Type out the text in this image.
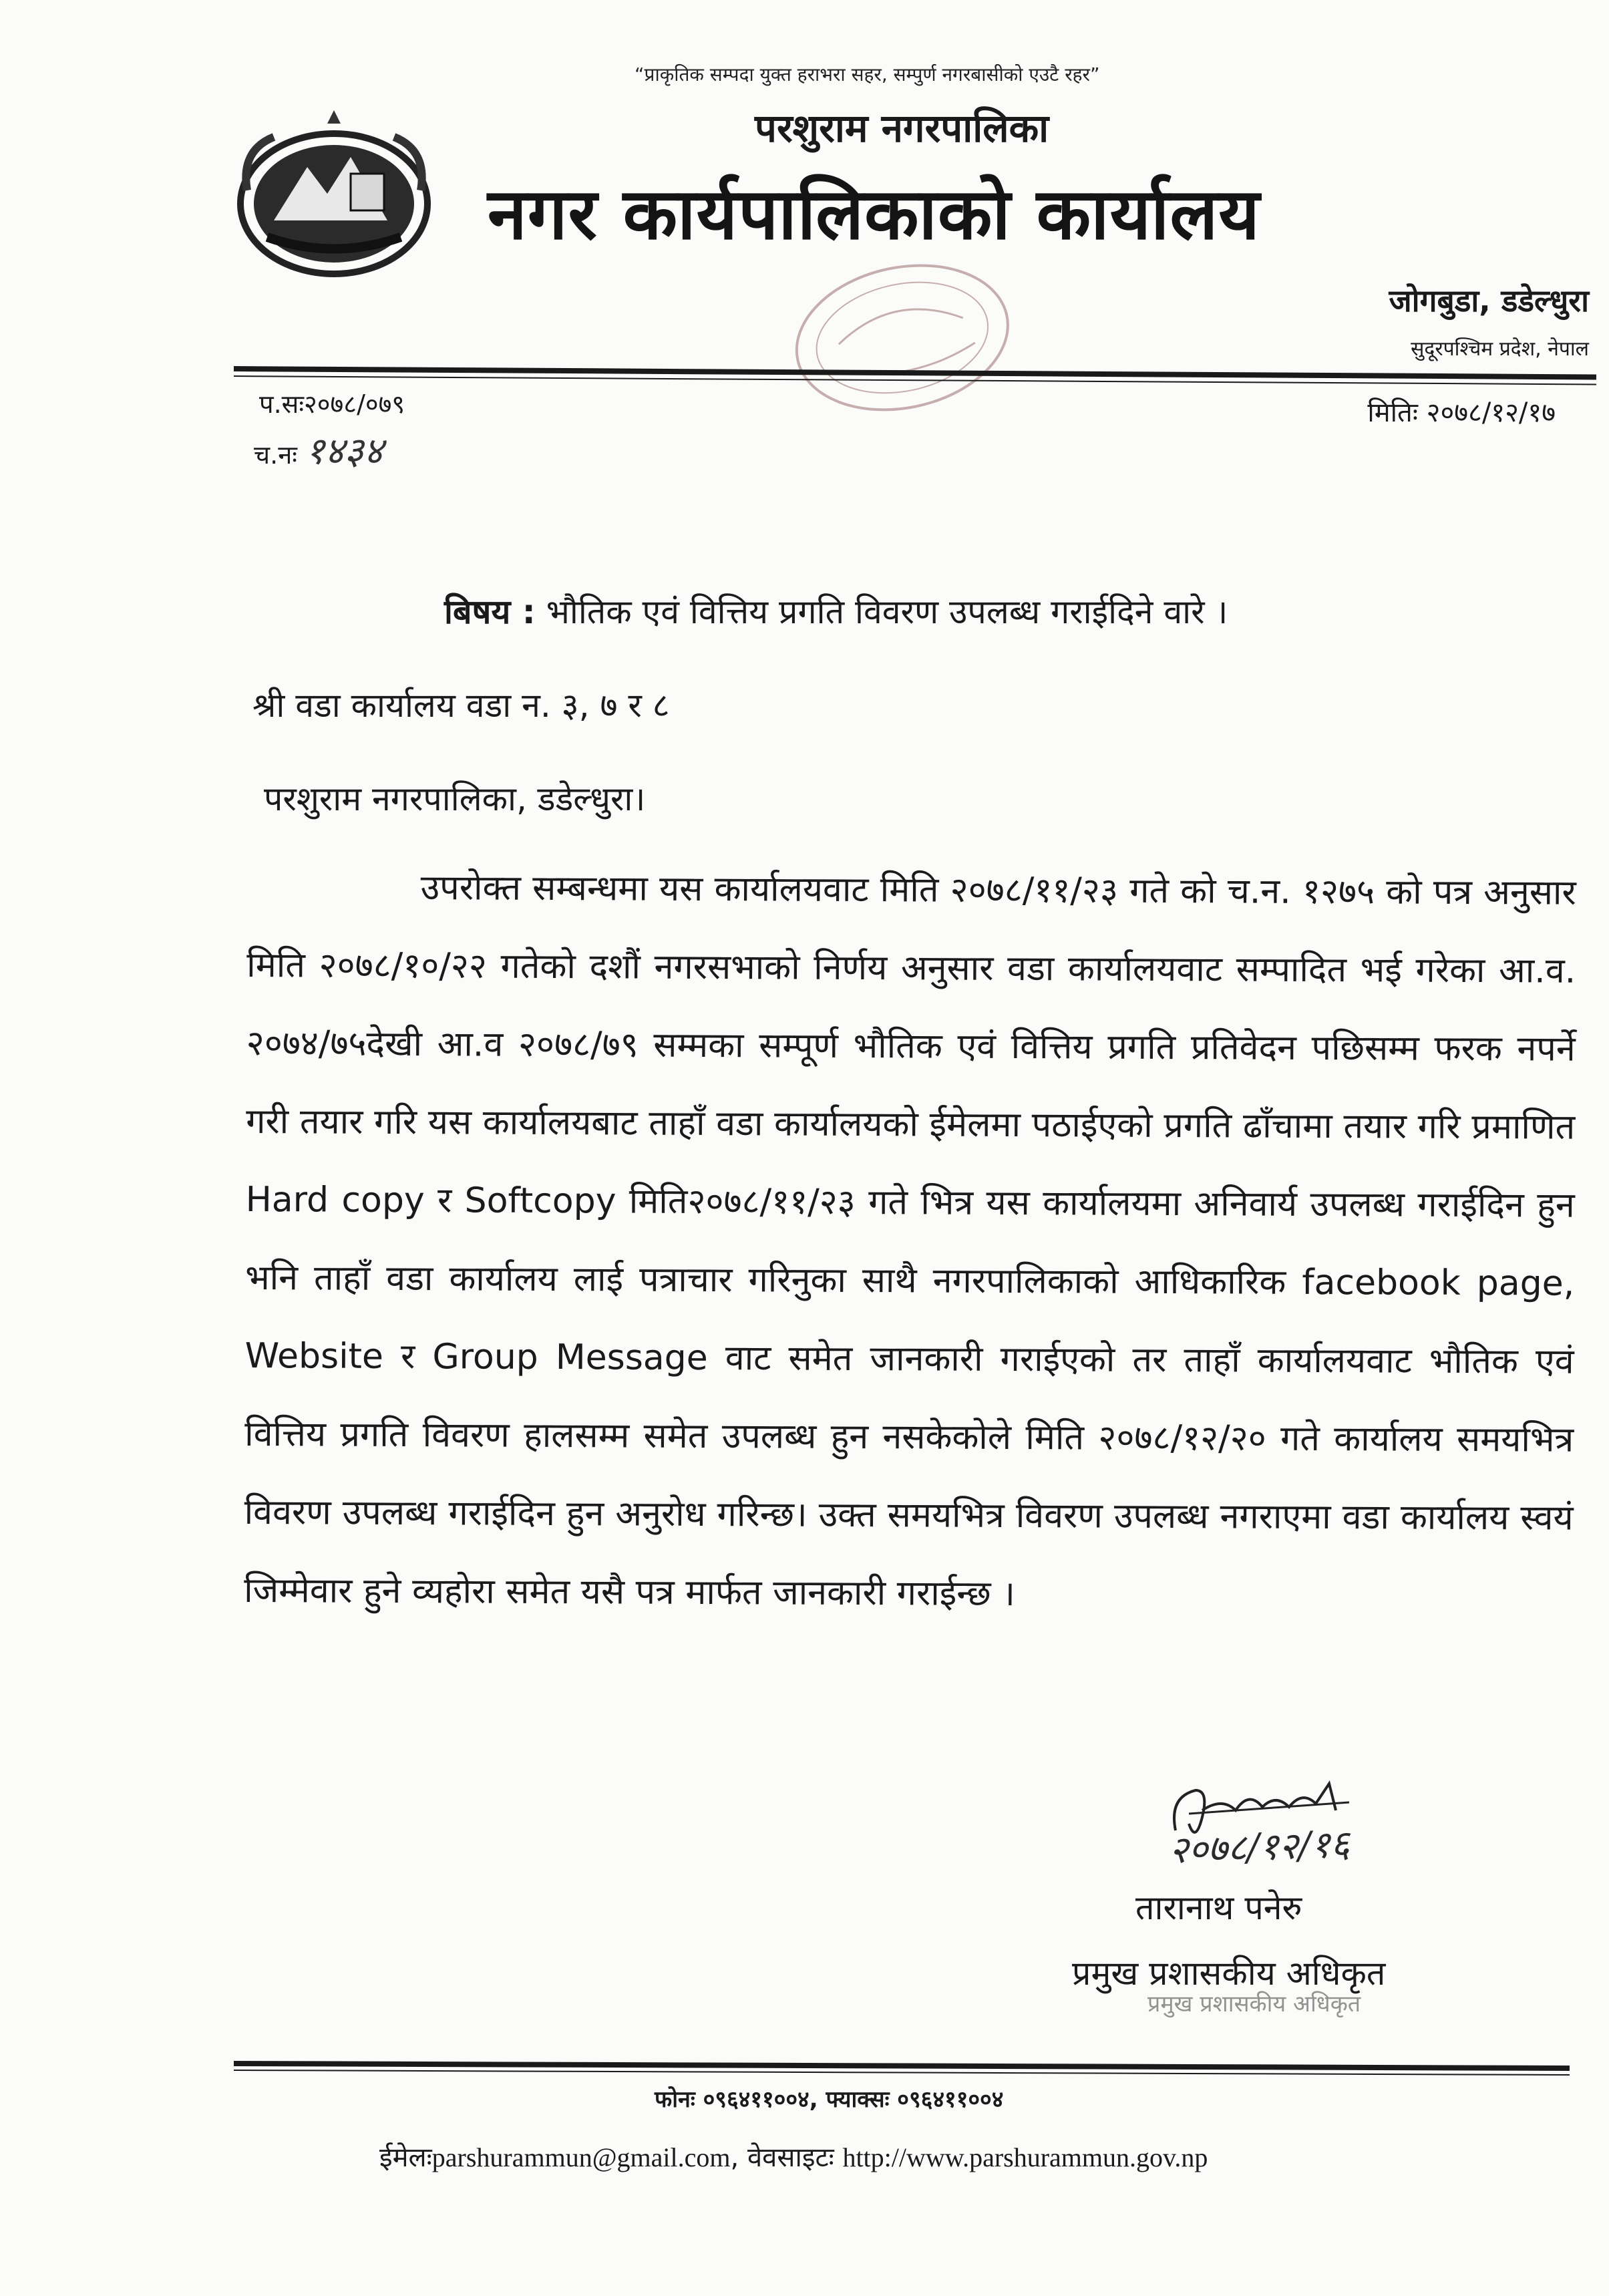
“प्राकृतिक सम्पदा युक्त हराभरा सहर, सम्पुर्ण नगरबासीको एउटै रहर”
परशुराम नगरपालिका
नगर कार्यपालिकाको कार्यालय
जोगबुडा, डडेल्धुरा
सुदूरपश्चिम प्रदेश, नेपाल
प.सः२०७८/०७९
च.नः १४३४
मितिः २०७८/१२/१७
बिषय : भौतिक एवं वित्तिय प्रगति विवरण उपलब्ध गराईदिने वारे ।
श्री वडा कार्यालय वडा न. ३, ७ र ८
परशुराम नगरपालिका, डडेल्धुरा।
उपरोक्त सम्बन्धमा यस कार्यालयवाट मिति २०७८/११/२३ गते को च.न. १२७५ को पत्र अनुसार मिति २०७८/१०/२२ गतेको दशौं नगरसभाको निर्णय अनुसार वडा कार्यालयवाट सम्पादित भई गरेका आ.व. २०७४/७५देखी आ.व २०७८/७९ सम्मका सम्पूर्ण भौतिक एवं वित्तिय प्रगति प्रतिवेदन पछिसम्म फरक नपर्ने गरी तयार गरि यस कार्यालयबाट ताहाँ वडा कार्यालयको ईमेलमा पठाईएको प्रगति ढाँचामा तयार गरि प्रमाणित Hard copy र Softcopy मिति२०७८/११/२३ गते भित्र यस कार्यालयमा अनिवार्य उपलब्ध गराईदिन हुन भनि ताहाँ वडा कार्यालय लाई पत्राचार गरिनुका साथै नगरपालिकाको आधिकारिक facebook page, Website र Group Message वाट समेत जानकारी गराईएको तर ताहाँ कार्यालयवाट भौतिक एवं वित्तिय प्रगति विवरण हालसम्म समेत उपलब्ध हुन नसकेकोले मिति २०७८/१२/२० गते कार्यालय समयभित्र विवरण उपलब्ध गराईदिन हुन अनुरोध गरिन्छ। उक्त समयभित्र विवरण उपलब्ध नगराएमा वडा कार्यालय स्वयं जिम्मेवार हुने व्यहोरा समेत यसै पत्र मार्फत जानकारी गराईन्छ ।
२०७८/१२/१६
तारानाथ पनेरु
प्रमुख प्रशासकीय अधिकृत
प्रमुख प्रशासकीय अधिकृत
फोनः ०९६४११००४, फ्याक्सः ०९६४११००४
ईमेलःparshurammun@gmail.com, वेवसाइटः http://www.parshurammun.gov.np
